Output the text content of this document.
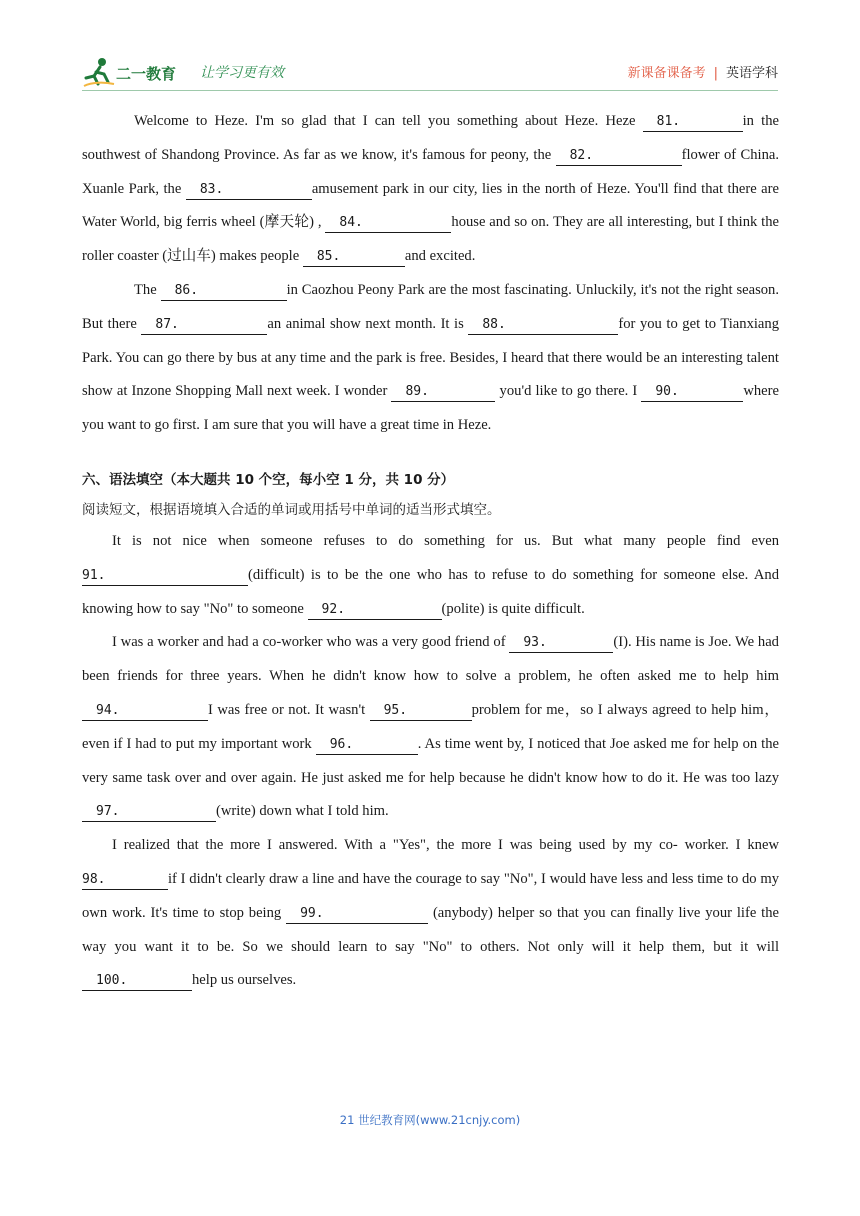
二一教育 让学习更有效	新课备课备考 | 英语学科

Welcome to Heze. I'm so glad that I can tell you something about Heze. Heze 81.	in the southwest of Shandong Province. As far as we know, it's famous for peony, the 82.	flower of China. Xuanle Park, the 83.	amusement park in our city, lies in the north of Heze. You'll find that there are Water World, big ferris wheel (摩天轮) , 84.	house and so on. They are all interesting, but I think the roller coaster (过山车) makes people 85.	and excited.

The 86.	in Caozhou Peony Park are the most fascinating. Unluckily, it's not the right season. But there 87.	an animal show next month. It is 88.	for you to get to Tianxiang Park. You can go there by bus at any time and the park is free. Besides, I heard that there would be an interesting talent show at Inzone Shopping Mall next week. I wonder 89.	you'd like to go there. I 90.	where you want to go first. I am sure that you will have a great time in Heze.

六、语法填空（本大题共 10 个空，每小空 1 分，共 10 分）

阅读短文，根据语境填入合适的单词或用括号中单词的适当形式填空。

It is not nice when someone refuses to do something for us. But what many people find even 91.	(difficult) is to be the one who has to refuse to do something for someone else. And knowing how to say "No" to someone 92.	(polite) is quite difficult.

I was a worker and had a co-worker who was a very good friend of 93.	(I). His name is Joe. We had been friends for three years. When he didn't know how to solve a problem, he often asked me to help him 94.	I was free or not. It wasn't 95.	problem for me，so I always agreed to help him， even if I had to put my important work 96.	. As time went by, I noticed that Joe asked me for help on the very same task over and over again. He just asked me for help because he didn't know how to do it. He was too lazy 97.	(write) down what I told him.

I realized that the more I answered. With a "Yes", the more I was being used by my co- worker. I knew 98.	if I didn't clearly draw a line and have the courage to say "No", I would have less and less time to do my own work. It's time to stop being 99.	(anybody) helper so that you can finally live your life the way you want it to be. So we should learn to say "No" to others. Not only will it help them, but it will 100.	help us ourselves.

21 世纪教育网(www.21cnjy.com)
